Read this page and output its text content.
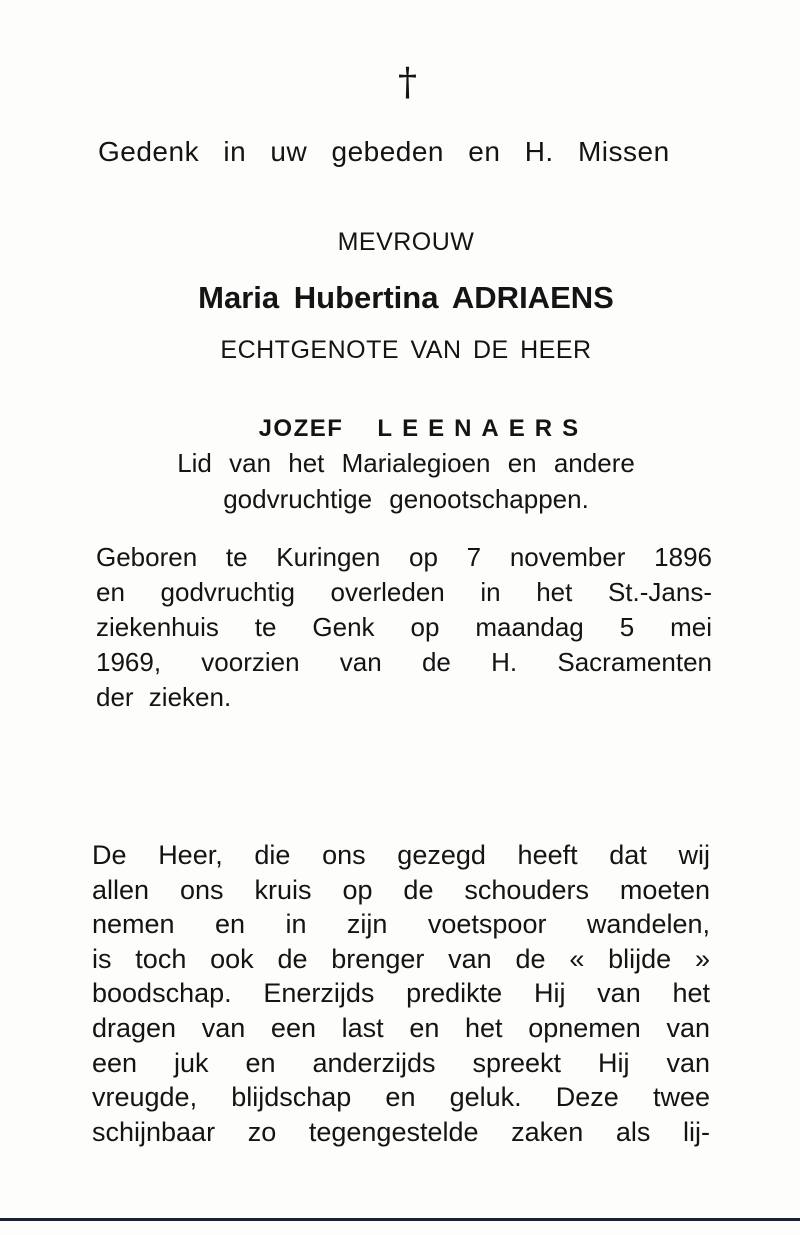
†
Gedenk in uw gebeden en H. Missen
MEVROUW
Maria Hubertina ADRIAENS
ECHTGENOTE VAN DE HEER

JOZEF LEENAERS

Lid van het Marialegioen en andere
godvruchtige genootschappen.
Geboren te Kuringen op 7 november 1896
en godvruchtig overleden in het St.-Jans-
ziekenhuis te Genk op maandag 5 mei
1969, voorzien van de H. Sacramenten
der zieken.
De Heer, die ons gezegd heeft dat wij
allen ons kruis op de schouders moeten
nemen en in zijn voetspoor wandelen,
is toch ook de brenger van de « blijde »
boodschap. Enerzijds predikte Hij van het
dragen van een last en het opnemen van
een juk en anderzijds spreekt Hij van
vreugde, blijdschap en geluk. Deze twee
schijnbaar zo tegengestelde zaken als lij-
